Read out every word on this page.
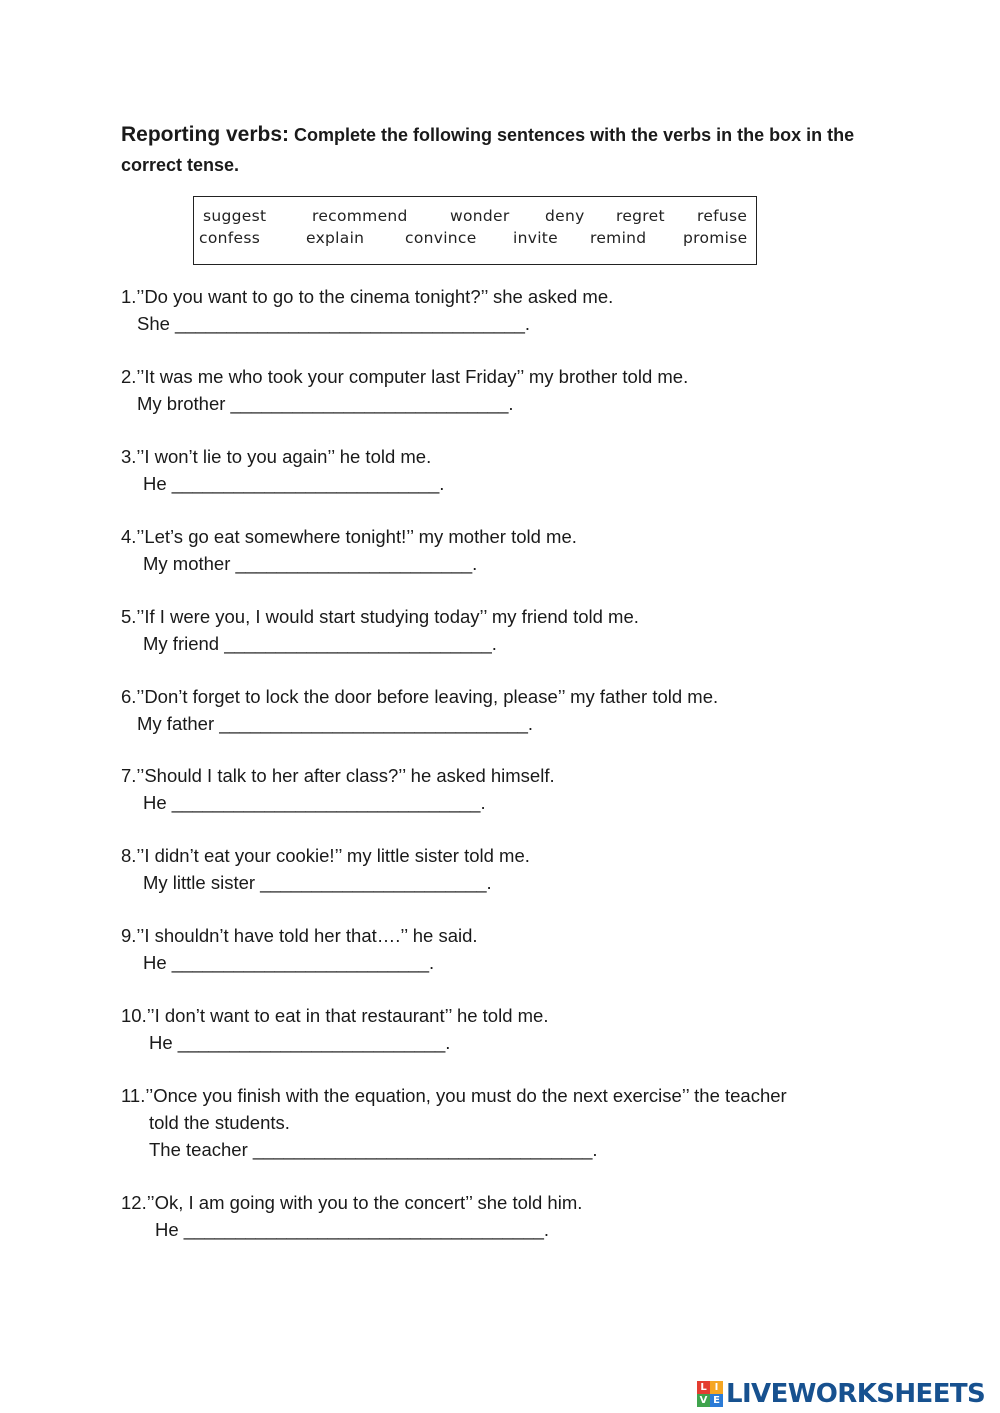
Reporting verbs: Complete the following sentences with the verbs in the box in the correct tense.
suggest	recommend	wonder deny regret refuse
confess	explain	convince invite remind promise
1.’’Do you want to go to the cinema tonight?’’ she asked me.
She __________________________________.
2.’’It was me who took your computer last Friday’’ my brother told me.
My brother ___________________________.
3.’’I won’t lie to you again’’ he told me.
He __________________________.
4.’’Let’s go eat somewhere tonight!’’ my mother told me.
My mother _______________________.
5.’’If I were you, I would start studying today’’ my friend told me.
My friend __________________________.
6.’’Don’t forget to lock the door before leaving, please’’ my father told me.
My father ______________________________.
7.’’Should I talk to her after class?’’ he asked himself.
He ______________________________.
8.’’I didn’t eat your cookie!’’ my little sister told me.
My little sister ______________________.
9.’’I shouldn’t have told her that….’’ he said.
He _________________________.
10.’’I don’t want to eat in that restaurant’’ he told me.
He __________________________.
11.’’Once you finish with the equation, you must do the next exercise’’ the teacher
told the students.
The teacher _________________________________.
12.’’Ok, I am going with you to the concert’’ she told him.
He ___________________________________.
L I
V E LIVEWORKSHEETS
